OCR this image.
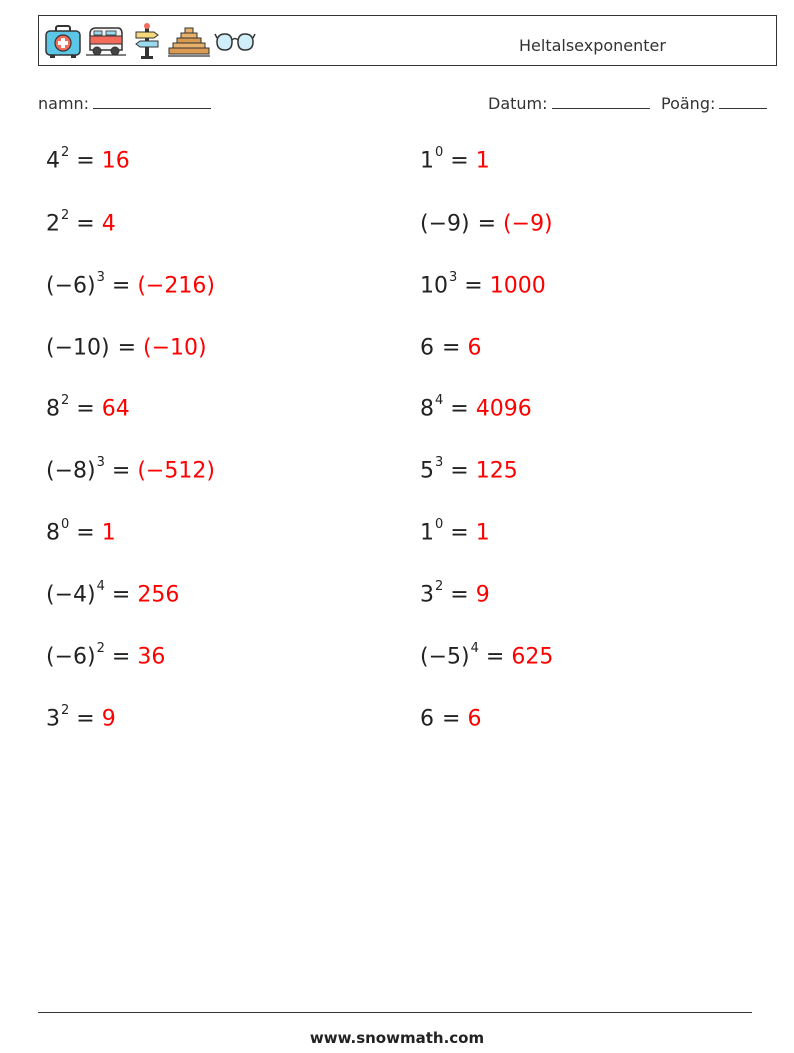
Heltalsexponenter
namn:	Datum:	Poäng:
$4^2 = 16$
$2^2 = 4$
$(-6)^3 = (-216)$
(−10) = (−10)
$8^2 = 64$
$(-8)^3 = (-512)$
$8^0 = 1$
$(-4)^4 = 256$
$(-6)^2 = 36$
$3^2 = 9$
$1^0 = 1$
(−9) = (−9)
$10^3 = 1000$
6 = 6
$8^4 = 4096$
$5^3 = 125$
$1^0 = 1$
$3^2 = 9$
$(-5)^4 = 625$
6 = 6
www.snowmath.com
